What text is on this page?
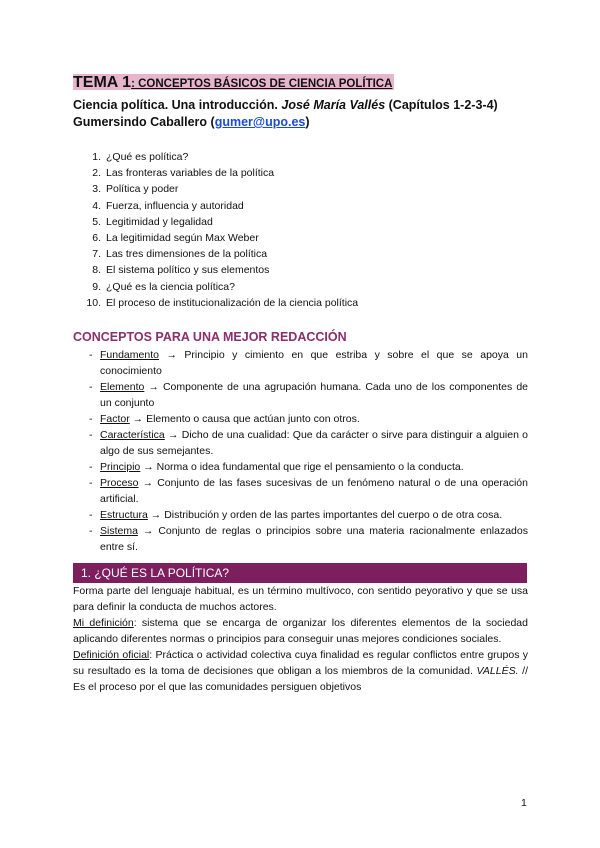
TEMA 1: CONCEPTOS BÁSICOS DE CIENCIA POLÍTICA
Ciencia política. Una introducción. José María Vallés (Capítulos 1-2-3-4)
Gumersindo Caballero (gumer@upo.es)
1. ¿Qué es política?
2. Las fronteras variables de la política
3. Política y poder
4. Fuerza, influencia y autoridad
5. Legitimidad y legalidad
6. La legitimidad según Max Weber
7. Las tres dimensiones de la política
8. El sistema político y sus elementos
9. ¿Qué es la ciencia política?
10. El proceso de institucionalización de la ciencia política
CONCEPTOS PARA UNA MEJOR REDACCIÓN
- Fundamento → Principio y cimiento en que estriba y sobre el que se apoya un conocimiento
- Elemento → Componente de una agrupación humana. Cada uno de los componentes de un conjunto
- Factor → Elemento o causa que actúan junto con otros.
- Característica → Dicho de una cualidad: Que da carácter o sirve para distinguir a alguien o algo de sus semejantes.
- Principio → Norma o idea fundamental que rige el pensamiento o la conducta.
- Proceso → Conjunto de las fases sucesivas de un fenómeno natural o de una operación artificial.
- Estructura → Distribución y orden de las partes importantes del cuerpo o de otra cosa.
- Sistema → Conjunto de reglas o principios sobre una materia racionalmente enlazados entre sí.
1. ¿QUÉ ES LA POLÍTICA?

Forma parte del lenguaje habitual, es un término multívoco, con sentido peyorativo y que se usa para definir la conducta de muchos actores.

Mi definición: sistema que se encarga de organizar los diferentes elementos de la sociedad aplicando diferentes normas o principios para conseguir unas mejores condiciones sociales.

Definición oficial: Práctica o actividad colectiva cuya finalidad es regular conflictos entre grupos y su resultado es la toma de decisiones que obligan a los miembros de la comunidad. VALLÉS. // Es el proceso por el que las comunidades persiguen objetivos

1
